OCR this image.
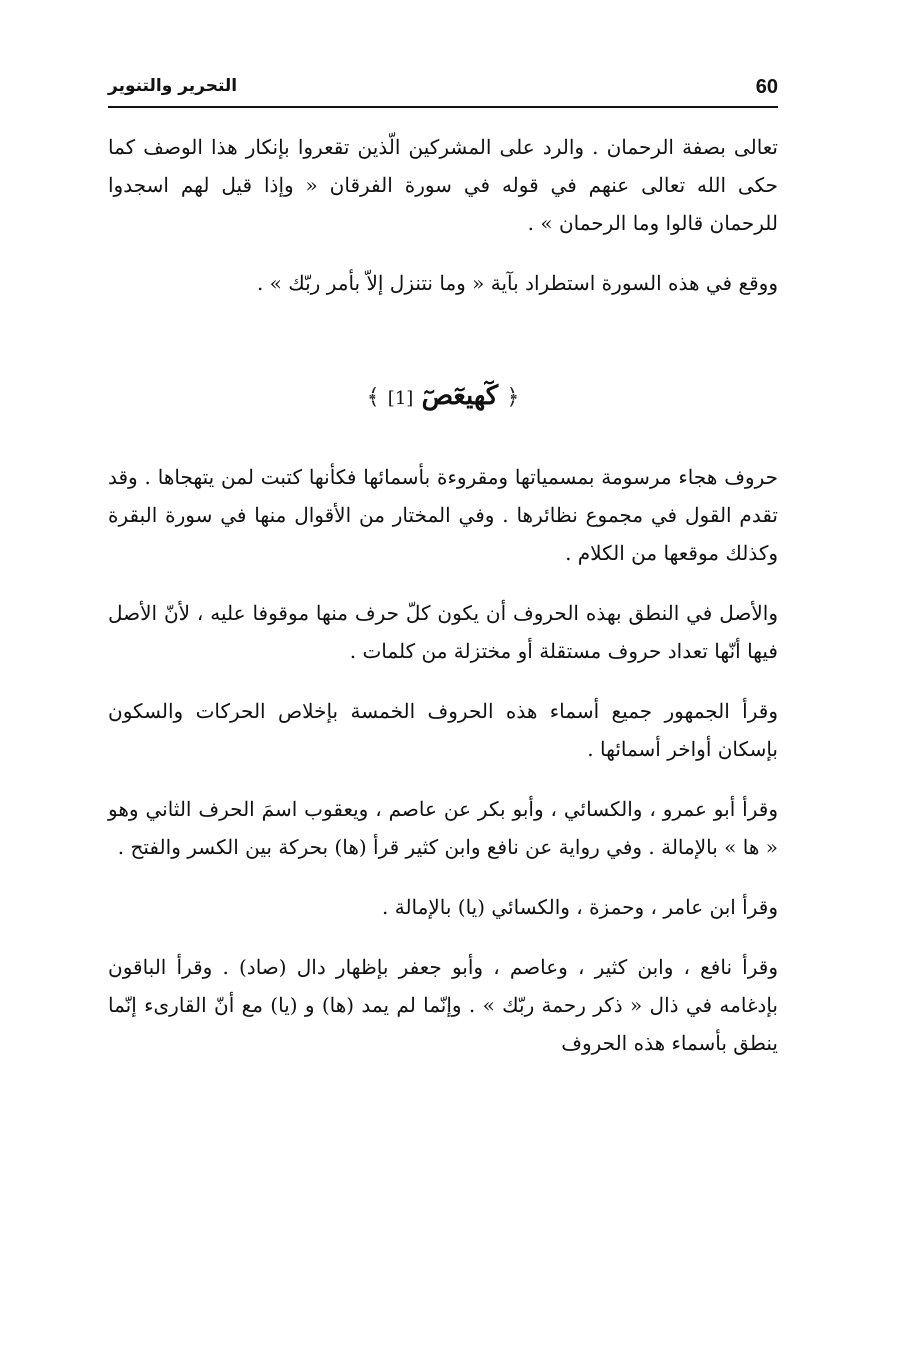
60
التحرير والتنوير

تعالى بصفة الرحمان . والرد على المشركين الّذين تقعروا بإنكار هذا الوصف كما حكى الله تعالى عنهم في قوله في سورة الفرقان « وإذا قيل لهم اسجدوا للرحمان قالوا وما الرحمان » .

ووقع في هذه السورة استطراد بآية « وما نتنزل إلاّ بأمر ربّك » .

﴿ كٓهيعٓصٓ [1] ﴾

حروف هجاء مرسومة بمسمياتها ومقروءة بأسمائها فكأنها كتبت لمن يتهجاها . وقد تقدم القول في مجموع نظائرها . وفي المختار من الأقوال منها في سورة البقرة وكذلك موقعها من الكلام .

والأصل في النطق بهذه الحروف أن يكون كلّ حرف منها موقوفا عليه ، لأنّ الأصل فيها أنّها تعداد حروف مستقلة أو مختزلة من كلمات .

وقرأ الجمهور جميع أسماء هذه الحروف الخمسة بإخلاص الحركات والسكون بإسكان أواخر أسمائها .

وقرأ أبو عمرو ، والكسائي ، وأبو بكر عن عاصم ، ويعقوب اسمَ الحرف الثاني وهو « ها » بالإمالة . وفي رواية عن نافع وابن كثير قرأ (ها) بحركة بين الكسر والفتح .

وقرأ ابن عامر ، وحمزة ، والكسائي (يا) بالإمالة .

وقرأ نافع ، وابن كثير ، وعاصم ، وأبو جعفر بإظهار دال (صاد) . وقرأ الباقون بإدغامه في ذال « ذكر رحمة ربّك » . وإنّما لم يمد (ها) و (يا) مع أنّ القارىء إنّما ينطق بأسماء هذه الحروف
